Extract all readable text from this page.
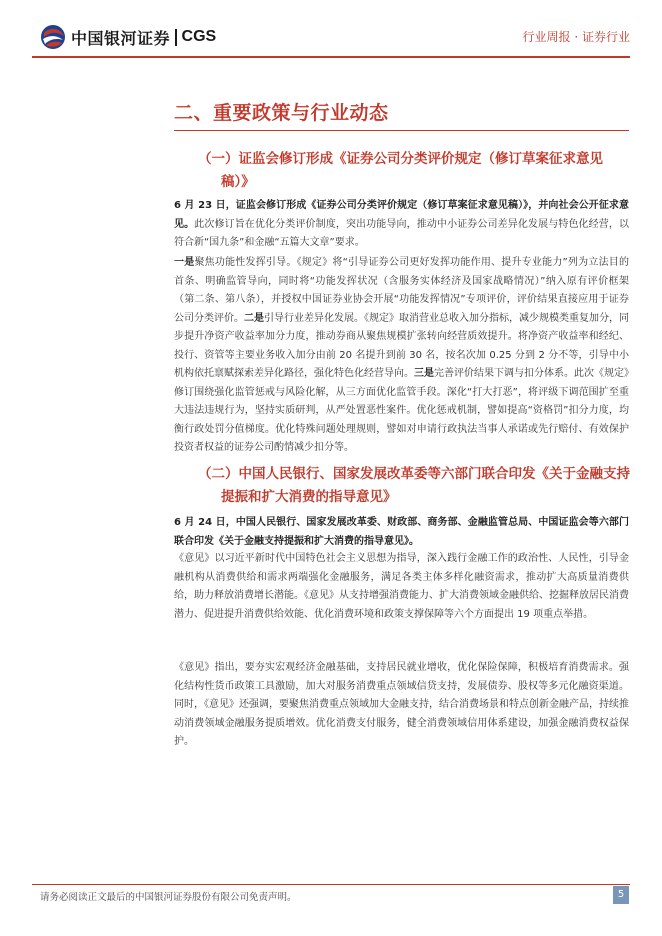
中国银河证券 CGS	行业周报 · 证券行业
二、重要政策与行业动态
（一）证监会修订形成《证券公司分类评价规定（修订草案征求意见
稿）》
6 月 23 日，证监会修订形成《证券公司分类评价规定（修订草案征求意见稿）》，并向社会公开征求意见。此次修订旨在优化分类评价制度，突出功能导向，推动中小证券公司差异化发展与特色化经营，以符合新“国九条”和金融“五篇大文章”要求。
一是聚焦功能性发挥引导。《规定》将“引导证券公司更好发挥功能作用、提升专业能力”列为立法目的首条、明确监管导向，同时将“功能发挥状况（含服务实体经济及国家战略情况）”纳入原有评价框架（第二条、第八条），并授权中国证券业协会开展“功能发挥情况”专项评价，评价结果直接应用于证券公司分类评价。二是引导行业差异化发展。《规定》取消营业总收入加分指标，减少规模类重复加分，同步提升净资产收益率加分力度，推动券商从聚焦规模扩张转向经营质效提升。将净资产收益率和经纪、投行、资管等主要业务收入加分由前 20 名提升到前 30 名，按名次加 0.25 分到 2 分不等，引导中小机构依托禀赋探索差异化路径，强化特色化经营导向。三是完善评价结果下调与扣分体系。此次《规定》修订围绕强化监管惩戒与风险化解，从三方面优化监管手段。深化“打大打恶”，将评级下调范围扩至重大违法违规行为，坚持实质研判，从严处置恶性案件。优化惩戒机制，譬如提高“资格罚”扣分力度，均衡行政处罚分值梯度。优化特殊问题处理规则，譬如对申请行政执法当事人承诺或先行赔付、有效保护投资者权益的证券公司酌情减少扣分等。
（二）中国人民银行、国家发展改革委等六部门联合印发《关于金融支持
提振和扩大消费的指导意见》
6 月 24 日，中国人民银行、国家发展改革委、财政部、商务部、金融监管总局、中国证监会等六部门联合印发《关于金融支持提振和扩大消费的指导意见》。
《意见》以习近平新时代中国特色社会主义思想为指导，深入践行金融工作的政治性、人民性，引导金融机构从消费供给和需求两端强化金融服务，满足各类主体多样化融资需求，推动扩大高质量消费供给，助力释放消费增长潜能。《意见》从支持增强消费能力、扩大消费领域金融供给、挖掘释放居民消费潜力、促进提升消费供给效能、优化消费环境和政策支撑保障等六个方面提出 19 项重点举措。
《意见》指出，要夯实宏观经济金融基础，支持居民就业增收，优化保险保障，积极培育消费需求。强化结构性货币政策工具激励，加大对服务消费重点领域信贷支持，发展债券、股权等多元化融资渠道。同时，《意见》还强调，要聚焦消费重点领域加大金融支持，结合消费场景和特点创新金融产品，持续推动消费领域金融服务提质增效。优化消费支付服务，健全消费领域信用体系建设，加强金融消费权益保护。
请务必阅读正文最后的中国银河证券股份有限公司免责声明。	5
